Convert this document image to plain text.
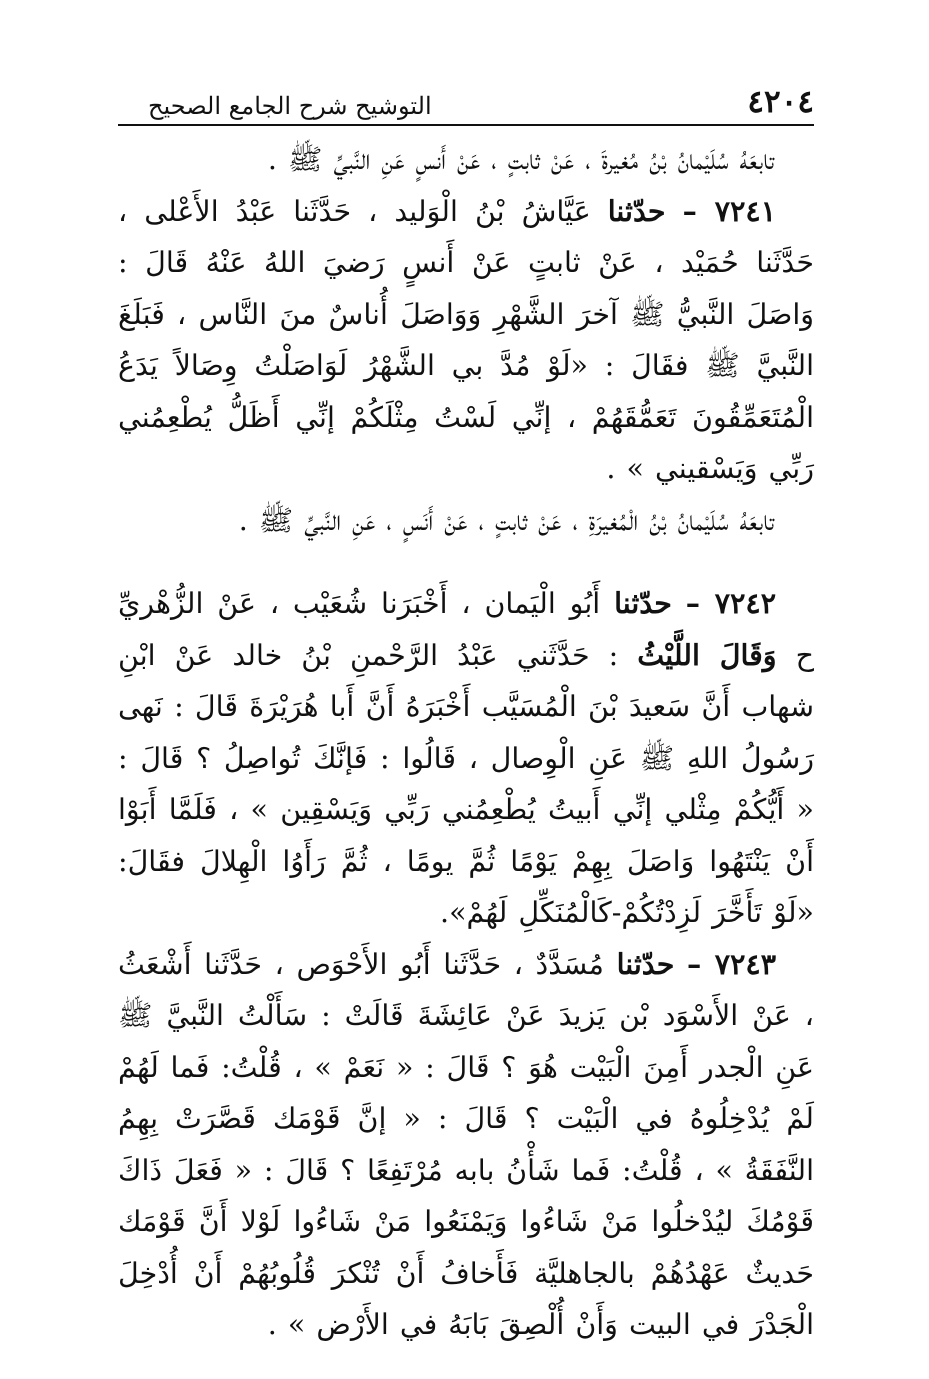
٤٢٠٤
التوشيح شرح الجامع الصحيح

تابعَهُ سُلَيْمانُ بْنُ مُغيرةَ ، عَنْ ثابتٍ ، عَنْ أَنسٍ عَنِ النَّبيِّ ﷺ .

٧٢٤١ – حدّثنا عَيَّاشُ بْنُ الْوَليد ، حَدَّثَنا عَبْدُ الأَعْلى ، حَدَّثَنا حُمَيْد ، عَنْ ثابتٍ عَنْ أَنسٍ رَضيَ اللهُ عَنْهُ قَالَ : وَاصَلَ النَّبيُّ ﷺ آخرَ الشَّهْرِ وَوَاصَلَ أُناسٌ منَ النَّاس ، فَبَلَغَ النَّبيَّ ﷺ فقَالَ : «لَوْ مُدَّ بي الشَّهْرُ لَوَاصَلْتُ وِصَالاً يَدَعُ الْمُتَعَمِّقُونَ تَعَمُّقَهُمْ ، إنِّي لَسْتُ مِثْلَكُمْ إنِّي أَظَلُّ يُطْعِمُني رَبِّي وَيَسْقيني » .

تابعَهُ سُلَيْمانُ بْنُ الْمُغيرَةِ ، عَنْ ثابتٍ ، عَنْ أَنَسٍ ، عَنِ النَّبيِّ ﷺ .

٧٢٤٢ – حدّثنا أَبُو الْيَمان ، أَخْبَرَنا شُعَيْب ، عَنْ الزُّهْريِّ ح وَقَالَ اللَّيْثُ : حَدَّثَني عَبْدُ الرَّحْمنِ بْنُ خالد عَنْ ابْنِ شهاب أَنَّ سَعيدَ بْنَ الْمُسَيَّب أَخْبَرَهُ أَنَّ أَبا هُرَيْرَةَ قَالَ : نَهى رَسُولُ اللهِ ﷺ عَنِ الْوِصال ، قَالُوا : فَإنَّكَ تُواصِلُ ؟ قَالَ : « أَيُّكُمْ مِثْلي إنِّي أَبيتُ يُطْعِمُني رَبِّي وَيَسْقِين » ، فَلَمَّا أَبَوْا أَنْ يَنْتَهُوا وَاصَلَ بِهِمْ يَوْمًا ثُمَّ يومًا ، ثُمَّ رَأَوُا الْهِلالَ فقَالَ: «لَوْ تَأَخَّرَ لَزِدْتُكُمْ-كَالْمُنَكِّلِ لَهُمْ».

٧٢٤٣ – حدّثنا مُسَدَّدٌ ، حَدَّثَنا أَبُو الأَحْوَص ، حَدَّثَنا أَشْعَثُ ، عَنْ الأَسْوَد بْن يَزيدَ عَنْ عَائِشَةَ قَالَتْ : سَأَلْتُ النَّبيَّ ﷺ عَنِ الْجدر أَمِنَ الْبَيْت هُوَ ؟ قَالَ : « نَعَمْ » ، قُلْتُ: فَما لَهُمْ لَمْ يُدْخِلُوهُ في الْبَيْت ؟ قَالَ : « إنَّ قَوْمَك قَصَّرَتْ بِهِمُ النَّفَقَةُ » ، قُلْتُ: فَما شَأْنُ بابه مُرْتَفِعًا ؟ قَالَ : « فَعَلَ ذَاكَ قَوْمُكَ ليُدْخلُوا مَنْ شَاءُوا وَيَمْنَعُوا مَنْ شَاءُوا لَوْلا أَنَّ قَوْمَك حَديثٌ عَهْدُهُمْ بالجاهليَّة فَأَخافُ أَنْ تُنْكرَ قُلُوبُهُمْ أَنْ أُدْخِلَ الْجَدْرَ في البيت وَأَنْ أُلْصِقَ بَابَهُ في الأَرْض » .
